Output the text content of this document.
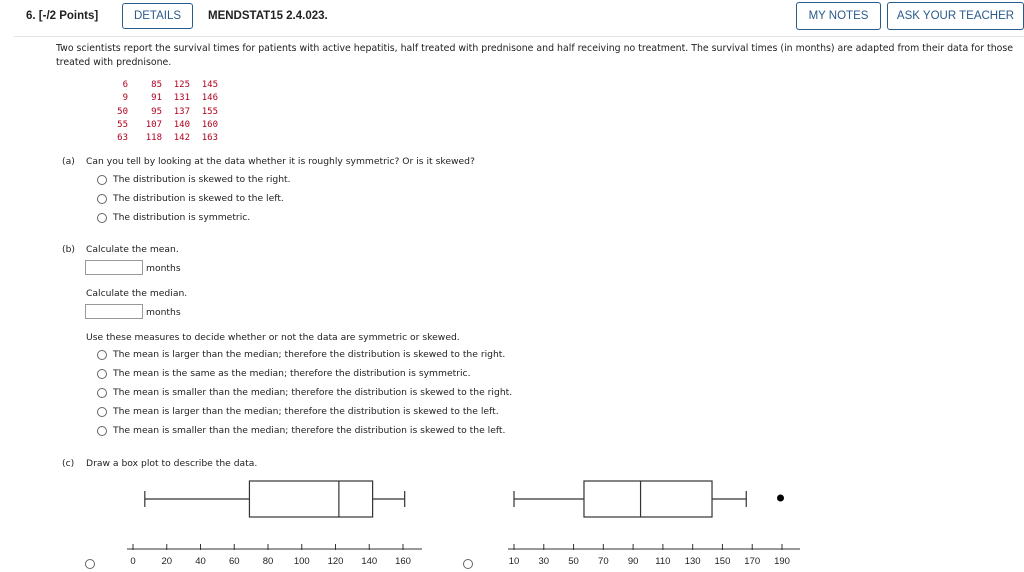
6. [-/2 Points]	DETAILS	MENDSTAT15 2.4.023.	MY NOTES	ASK YOUR TEACHER
Two scientists report the survival times for patients with active hepatitis, half treated with prednisone and half receiving no treatment. The survival times (in months) are adapted from their data for those treated with prednisone.
6	85	125	145
9	91	131	146
50	95	137	155
55	107	140	160
63	118	142	163
(a) Can you tell by looking at the data whether it is roughly symmetric? Or is it skewed?
The distribution is skewed to the right.
The distribution is skewed to the left.
The distribution is symmetric.
(b) Calculate the mean.
months
Calculate the median.
months
Use these measures to decide whether or not the data are symmetric or skewed.
The mean is larger than the median; therefore the distribution is skewed to the right.
The mean is the same as the median; therefore the distribution is symmetric.
The mean is smaller than the median; therefore the distribution is skewed to the right.
The mean is larger than the median; therefore the distribution is skewed to the left.
The mean is smaller than the median; therefore the distribution is skewed to the left.
(c) Draw a box plot to describe the data.
0	20 40 60 80 100 120 140 160	10 30 50 70 90 110 130 150 170 190
